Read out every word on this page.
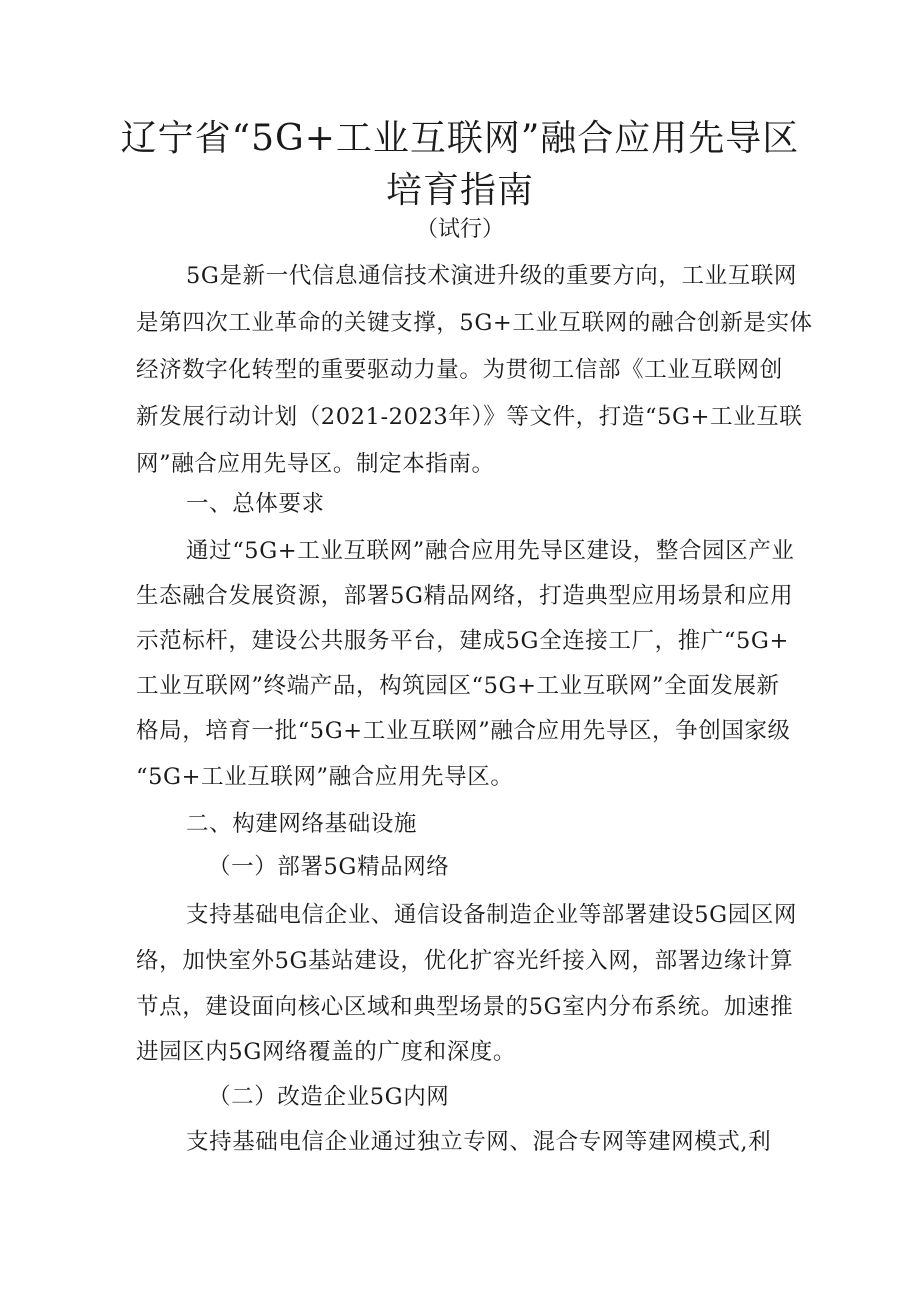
辽宁省“5G+工业互联网”融合应用先导区
培育指南
（试行）
5G是新一代信息通信技术演进升级的重要方向，工业互联网
是第四次工业革命的关键支撑，5G+工业互联网的融合创新是实体
经济数字化转型的重要驱动力量。为贯彻工信部《工业互联网创
新发展行动计划（2021-2023年）》等文件，打造“5G+工业互联
网”融合应用先导区。制定本指南。
一、总体要求
通过“5G+工业互联网”融合应用先导区建设，整合园区产业
生态融合发展资源，部署5G精品网络，打造典型应用场景和应用
示范标杆，建设公共服务平台，建成5G全连接工厂，推广“5G+
工业互联网”终端产品，构筑园区“5G+工业互联网”全面发展新
格局，培育一批“5G+工业互联网”融合应用先导区，争创国家级
“5G+工业互联网”融合应用先导区。
二、构建网络基础设施
（一）部署5G精品网络
支持基础电信企业、通信设备制造企业等部署建设5G园区网
络，加快室外5G基站建设，优化扩容光纤接入网，部署边缘计算
节点，建设面向核心区域和典型场景的5G室内分布系统。加速推
进园区内5G网络覆盖的广度和深度。
（二）改造企业5G内网
支持基础电信企业通过独立专网、混合专网等建网模式,利
